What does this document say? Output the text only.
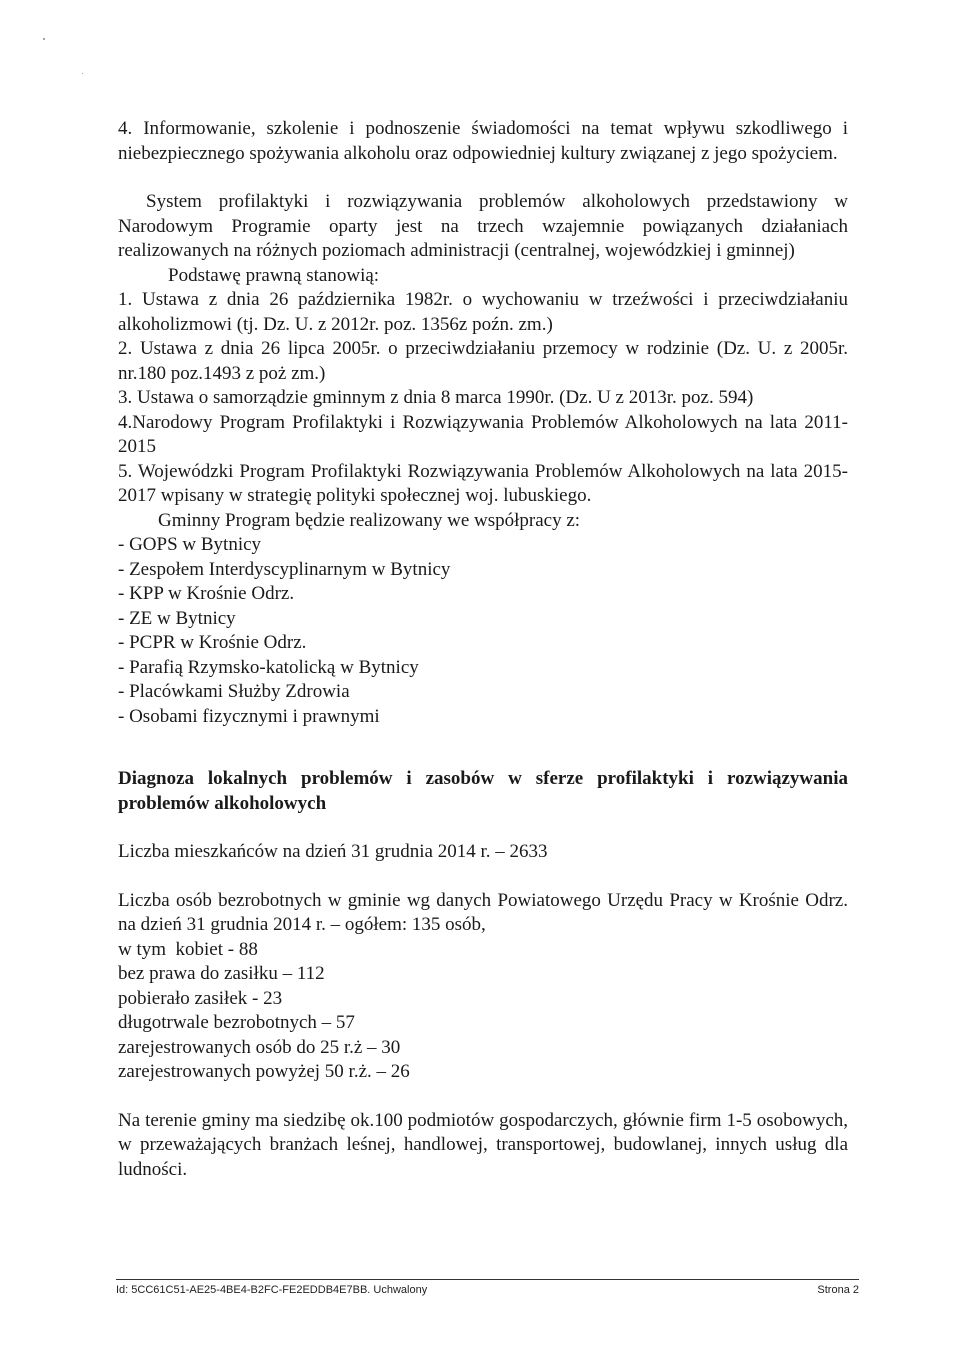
4. Informowanie, szkolenie i podnoszenie świadomości na temat wpływu szkodliwego i niebezpiecznego spożywania alkoholu oraz odpowiedniej kultury związanej z jego spożyciem.

System profilaktyki i rozwiązywania problemów alkoholowych przedstawiony w Narodowym Programie oparty jest na trzech wzajemnie powiązanych działaniach realizowanych na różnych poziomach administracji (centralnej, wojewódzkiej i gminnej)

Podstawę prawną stanowią:

1. Ustawa z dnia 26 października 1982r. o wychowaniu w trzeźwości i przeciwdziałaniu alkoholizmowi (tj. Dz. U. z 2012r. poz. 1356z poźn. zm.)

2. Ustawa z dnia 26 lipca 2005r. o przeciwdziałaniu przemocy w rodzinie (Dz. U. z 2005r. nr.180 poz.1493 z poż zm.)

3. Ustawa o samorządzie gminnym z dnia 8 marca 1990r. (Dz. U z 2013r. poz. 594)

4.Narodowy Program Profilaktyki i Rozwiązywania Problemów Alkoholowych na lata 2011-2015

5. Wojewódzki Program Profilaktyki Rozwiązywania Problemów Alkoholowych na lata 2015-2017 wpisany w strategię polityki społecznej woj. lubuskiego.

Gminny Program będzie realizowany we współpracy z:

- GOPS w Bytnicy
- Zespołem Interdyscyplinarnym w Bytnicy
- KPP w Krośnie Odrz.
- ZE w Bytnicy
- PCPR w Krośnie Odrz.
- Parafią Rzymsko-katolicką w Bytnicy
- Placówkami Służby Zdrowia
- Osobami fizycznymi i prawnymi

Diagnoza lokalnych problemów i zasobów w sferze profilaktyki i rozwiązywania problemów alkoholowych

Liczba mieszkańców na dzień 31 grudnia 2014 r. – 2633

Liczba osób bezrobotnych w gminie wg danych Powiatowego Urzędu Pracy w Krośnie Odrz. na dzień 31 grudnia 2014 r. – ogółem: 135 osób,

w tym  kobiet - 88
bez prawa do zasiłku – 112
pobierało zasiłek - 23
długotrwale bezrobotnych – 57
zarejestrowanych osób do 25 r.ż – 30
zarejestrowanych powyżej 50 r.ż. – 26

Na terenie gminy ma siedzibę ok.100 podmiotów gospodarczych, głównie firm 1-5 osobowych, w przeważających branżach leśnej, handlowej, transportowej, budowlanej, innych usług dla ludności.

Id: 5CC61C51-AE25-4BE4-B2FC-FE2EDDB4E7BB. Uchwalony	Strona 2
